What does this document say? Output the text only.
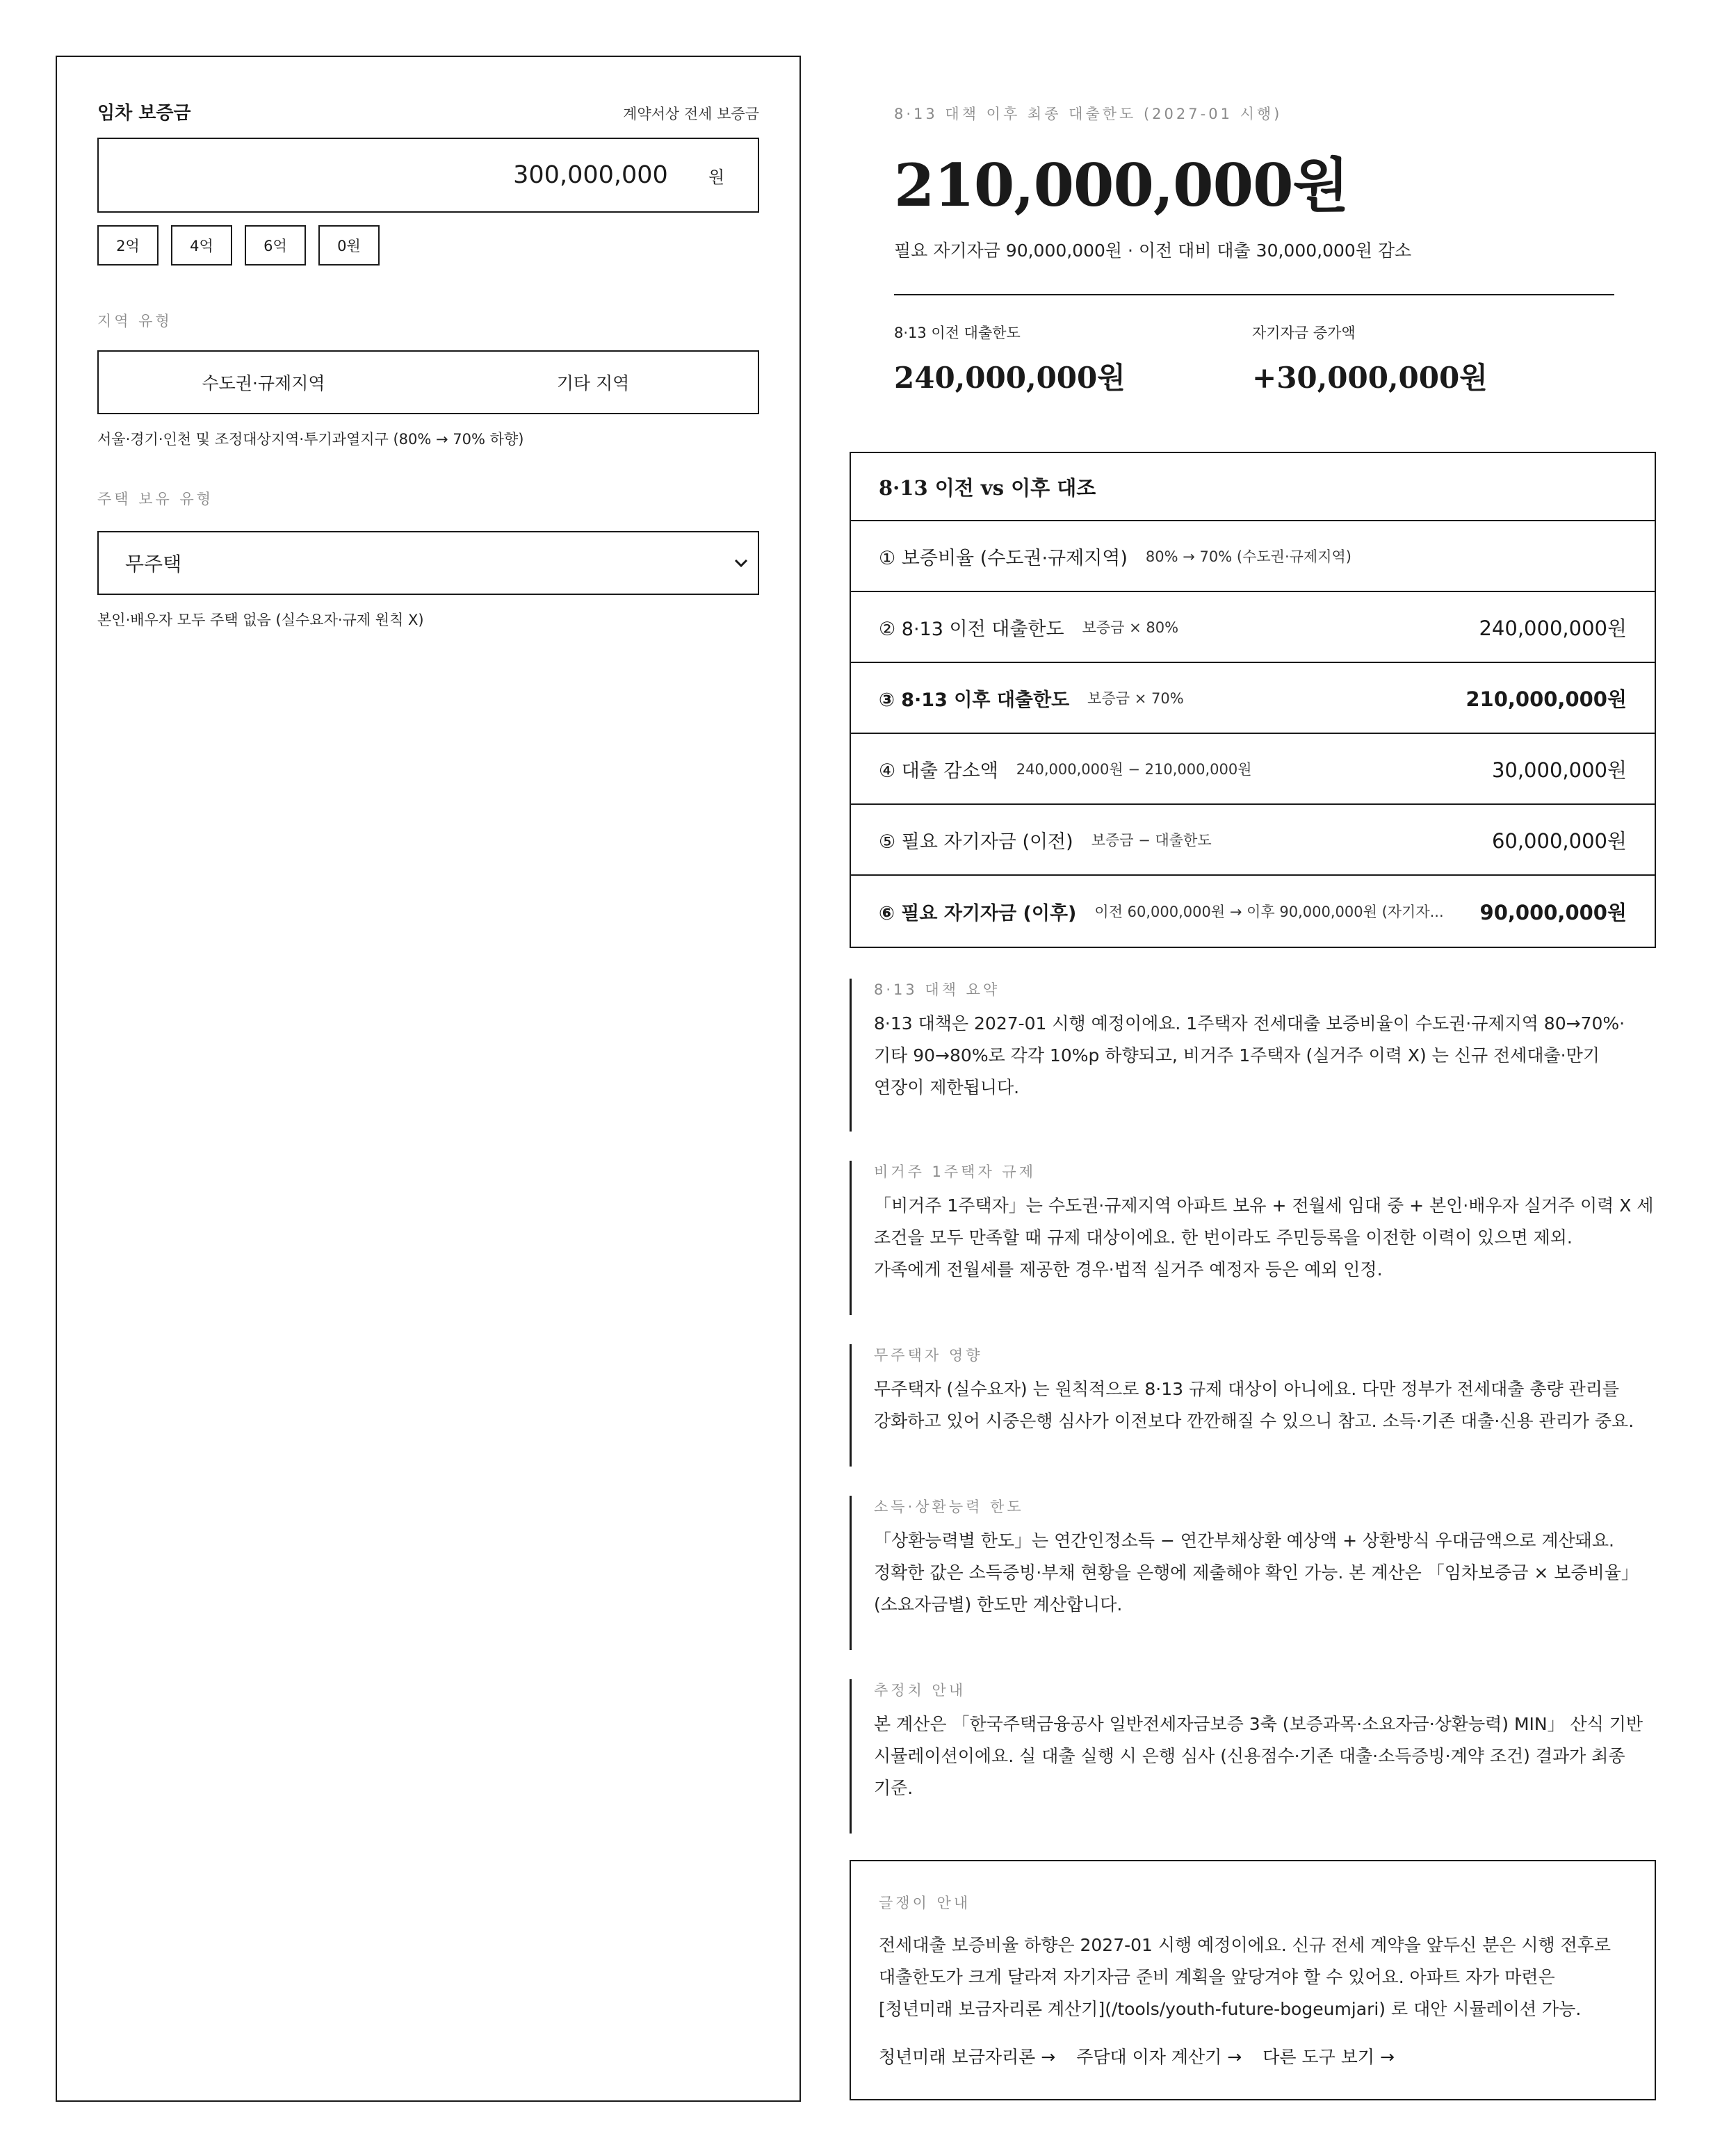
임차 보증금	계약서상 전세 보증금
300,000,000 원
2억	4억	6억	0원
지역 유형
수도권·규제지역	기타 지역
서울·경기·인천 및 조정대상지역·투기과열지구 (80% → 70% 하향)
주택 보유 유형
무주택
본인·배우자 모두 주택 없음 (실수요자·규제 원칙 X)
8·13 대책 이후 최종 대출한도 (2027-01 시행)
210,000,000원
필요 자기자금 90,000,000원 · 이전 대비 대출 30,000,000원 감소
8·13 이전 대출한도
240,000,000원
자기자금 증가액
+30,000,000원
8·13 이전 vs 이후 대조
① 보증비율 (수도권·규제지역) 80% → 70% (수도권·규제지역)
② 8·13 이전 대출한도 보증금 × 80%	240,000,000원
③ 8·13 이후 대출한도 보증금 × 70%	210,000,000원
④ 대출 감소액 240,000,000원 − 210,000,000원	30,000,000원
⑤ 필요 자기자금 (이전) 보증금 − 대출한도	60,000,000원
⑥ 필요 자기자금 (이후) 이전 60,000,000원 → 이후 90,000,000원 (자기자...	90,000,000원
8·13 대책 요약
8·13 대책은 2027-01 시행 예정이에요. 1주택자 전세대출 보증비율이 수도권·규제지역 80→70%·
기타 90→80%로 각각 10%p 하향되고, 비거주 1주택자 (실거주 이력 X) 는 신규 전세대출·만기
연장이 제한됩니다.
비거주 1주택자 규제
「비거주 1주택자」는 수도권·규제지역 아파트 보유 + 전월세 임대 중 + 본인·배우자 실거주 이력 X 세
조건을 모두 만족할 때 규제 대상이에요. 한 번이라도 주민등록을 이전한 이력이 있으면 제외.
가족에게 전월세를 제공한 경우·법적 실거주 예정자 등은 예외 인정.
무주택자 영향
무주택자 (실수요자) 는 원칙적으로 8·13 규제 대상이 아니에요. 다만 정부가 전세대출 총량 관리를
강화하고 있어 시중은행 심사가 이전보다 깐깐해질 수 있으니 참고. 소득·기존 대출·신용 관리가 중요.
소득·상환능력 한도
「상환능력별 한도」는 연간인정소득 − 연간부채상환 예상액 + 상환방식 우대금액으로 계산돼요.
정확한 값은 소득증빙·부채 현황을 은행에 제출해야 확인 가능. 본 계산은 「임차보증금 × 보증비율」
(소요자금별) 한도만 계산합니다.
추정치 안내
본 계산은 「한국주택금융공사 일반전세자금보증 3축 (보증과목·소요자금·상환능력) MIN」 산식 기반
시뮬레이션이에요. 실 대출 실행 시 은행 심사 (신용점수·기존 대출·소득증빙·계약 조건) 결과가 최종
기준.
글쟁이 안내
전세대출 보증비율 하향은 2027-01 시행 예정이에요. 신규 전세 계약을 앞두신 분은 시행 전후로
대출한도가 크게 달라져 자기자금 준비 계획을 앞당겨야 할 수 있어요. 아파트 자가 마련은
[청년미래 보금자리론 계산기](/tools/youth-future-bogeumjari) 로 대안 시뮬레이션 가능.
청년미래 보금자리론 → 주담대 이자 계산기 → 다른 도구 보기 →
